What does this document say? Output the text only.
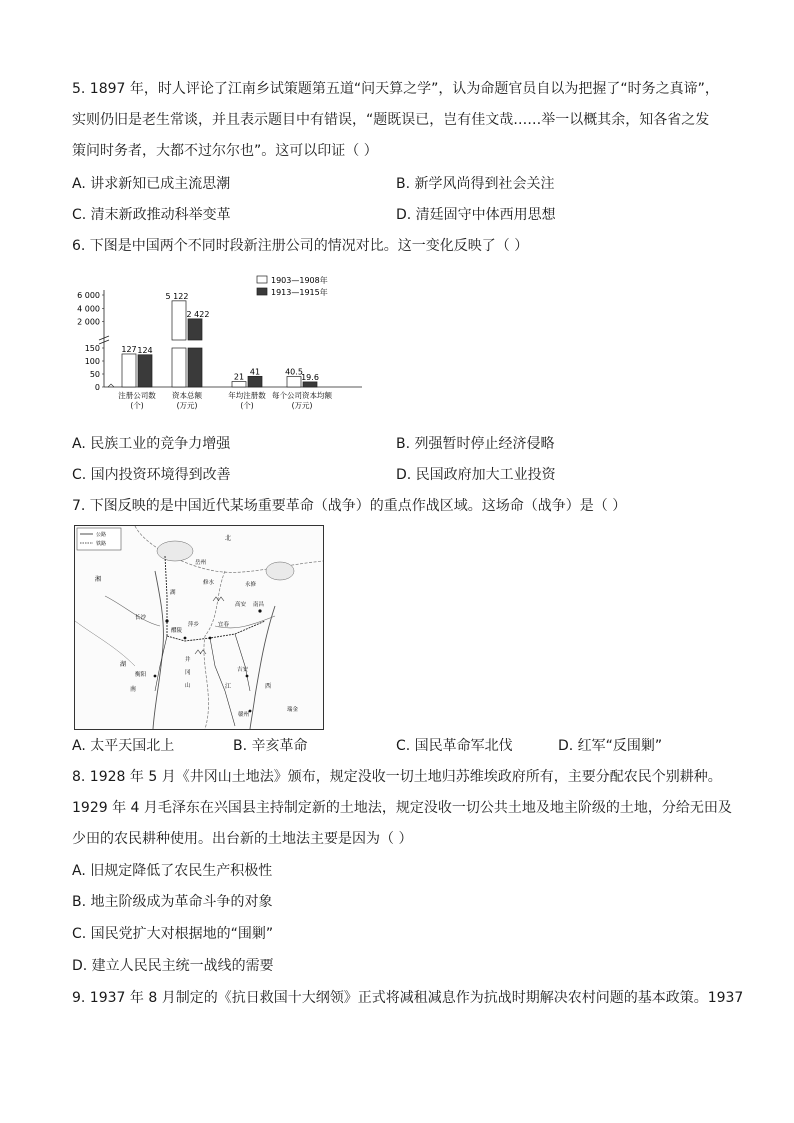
5. 1897 年，时人评论了江南乡试策题第五道“问天算之学”，认为命题官员自以为把握了“时务之真谛”，
实则仍旧是老生常谈，并且表示题目中有错误，“题既误已，岂有佳文哉……举一以概其余，知各省之发
策问时务者，大都不过尔尔也”。这可以印证（ ）
A. 讲求新知已成主流思潮	B. 新学风尚得到社会关注
C. 清末新政推动科举变革	D. 清廷固守中体西用思想
6. 下图是中国两个不同时段新注册公司的情况对比。这一变化反映了（ ）
150
100
50
0
6 000
4 000
2 000
1903—1908年
1913—1915年
127 124
注册公司数
(个)
5 122
2 422
资本总额
(万元)
21
41
年均注册数
(个)
40.5
19.6
每个公司资本均额
(万元)
A. 民族工业的竞争力增强	B. 列强暂时停止经济侵略
C. 国内投资环境得到改善	D. 民国政府加大工业投资
7. 下图反映的是中国近代某场重要革命（战争）的重点作战区域。这场命（战争）是（ ）
公路
铁路
湖
长沙
湖
南
衡阳
醴陵
萍乡	宜春
吉安
江	西
赣州
瑞金
南昌
永修
高安
井
冈
山
湘
北
岳州
修水
A. 太平天国北上	B. 辛亥革命	C. 国民革命军北伐	D. 红军“反围剿”
8. 1928 年 5 月《井冈山土地法》颁布，规定没收一切土地归苏维埃政府所有，主要分配农民个别耕种。
1929 年 4 月毛泽东在兴国县主持制定新的土地法，规定没收一切公共土地及地主阶级的土地，分给无田及
少田的农民耕种使用。出台新的土地法主要是因为（ ）
A. 旧规定降低了农民生产积极性
B. 地主阶级成为革命斗争的对象
C. 国民党扩大对根据地的“围剿”
D. 建立人民民主统一战线的需要
9. 1937 年 8 月制定的《抗日救国十大纲领》正式将减租减息作为抗战时期解决农村问题的基本政策。1937
